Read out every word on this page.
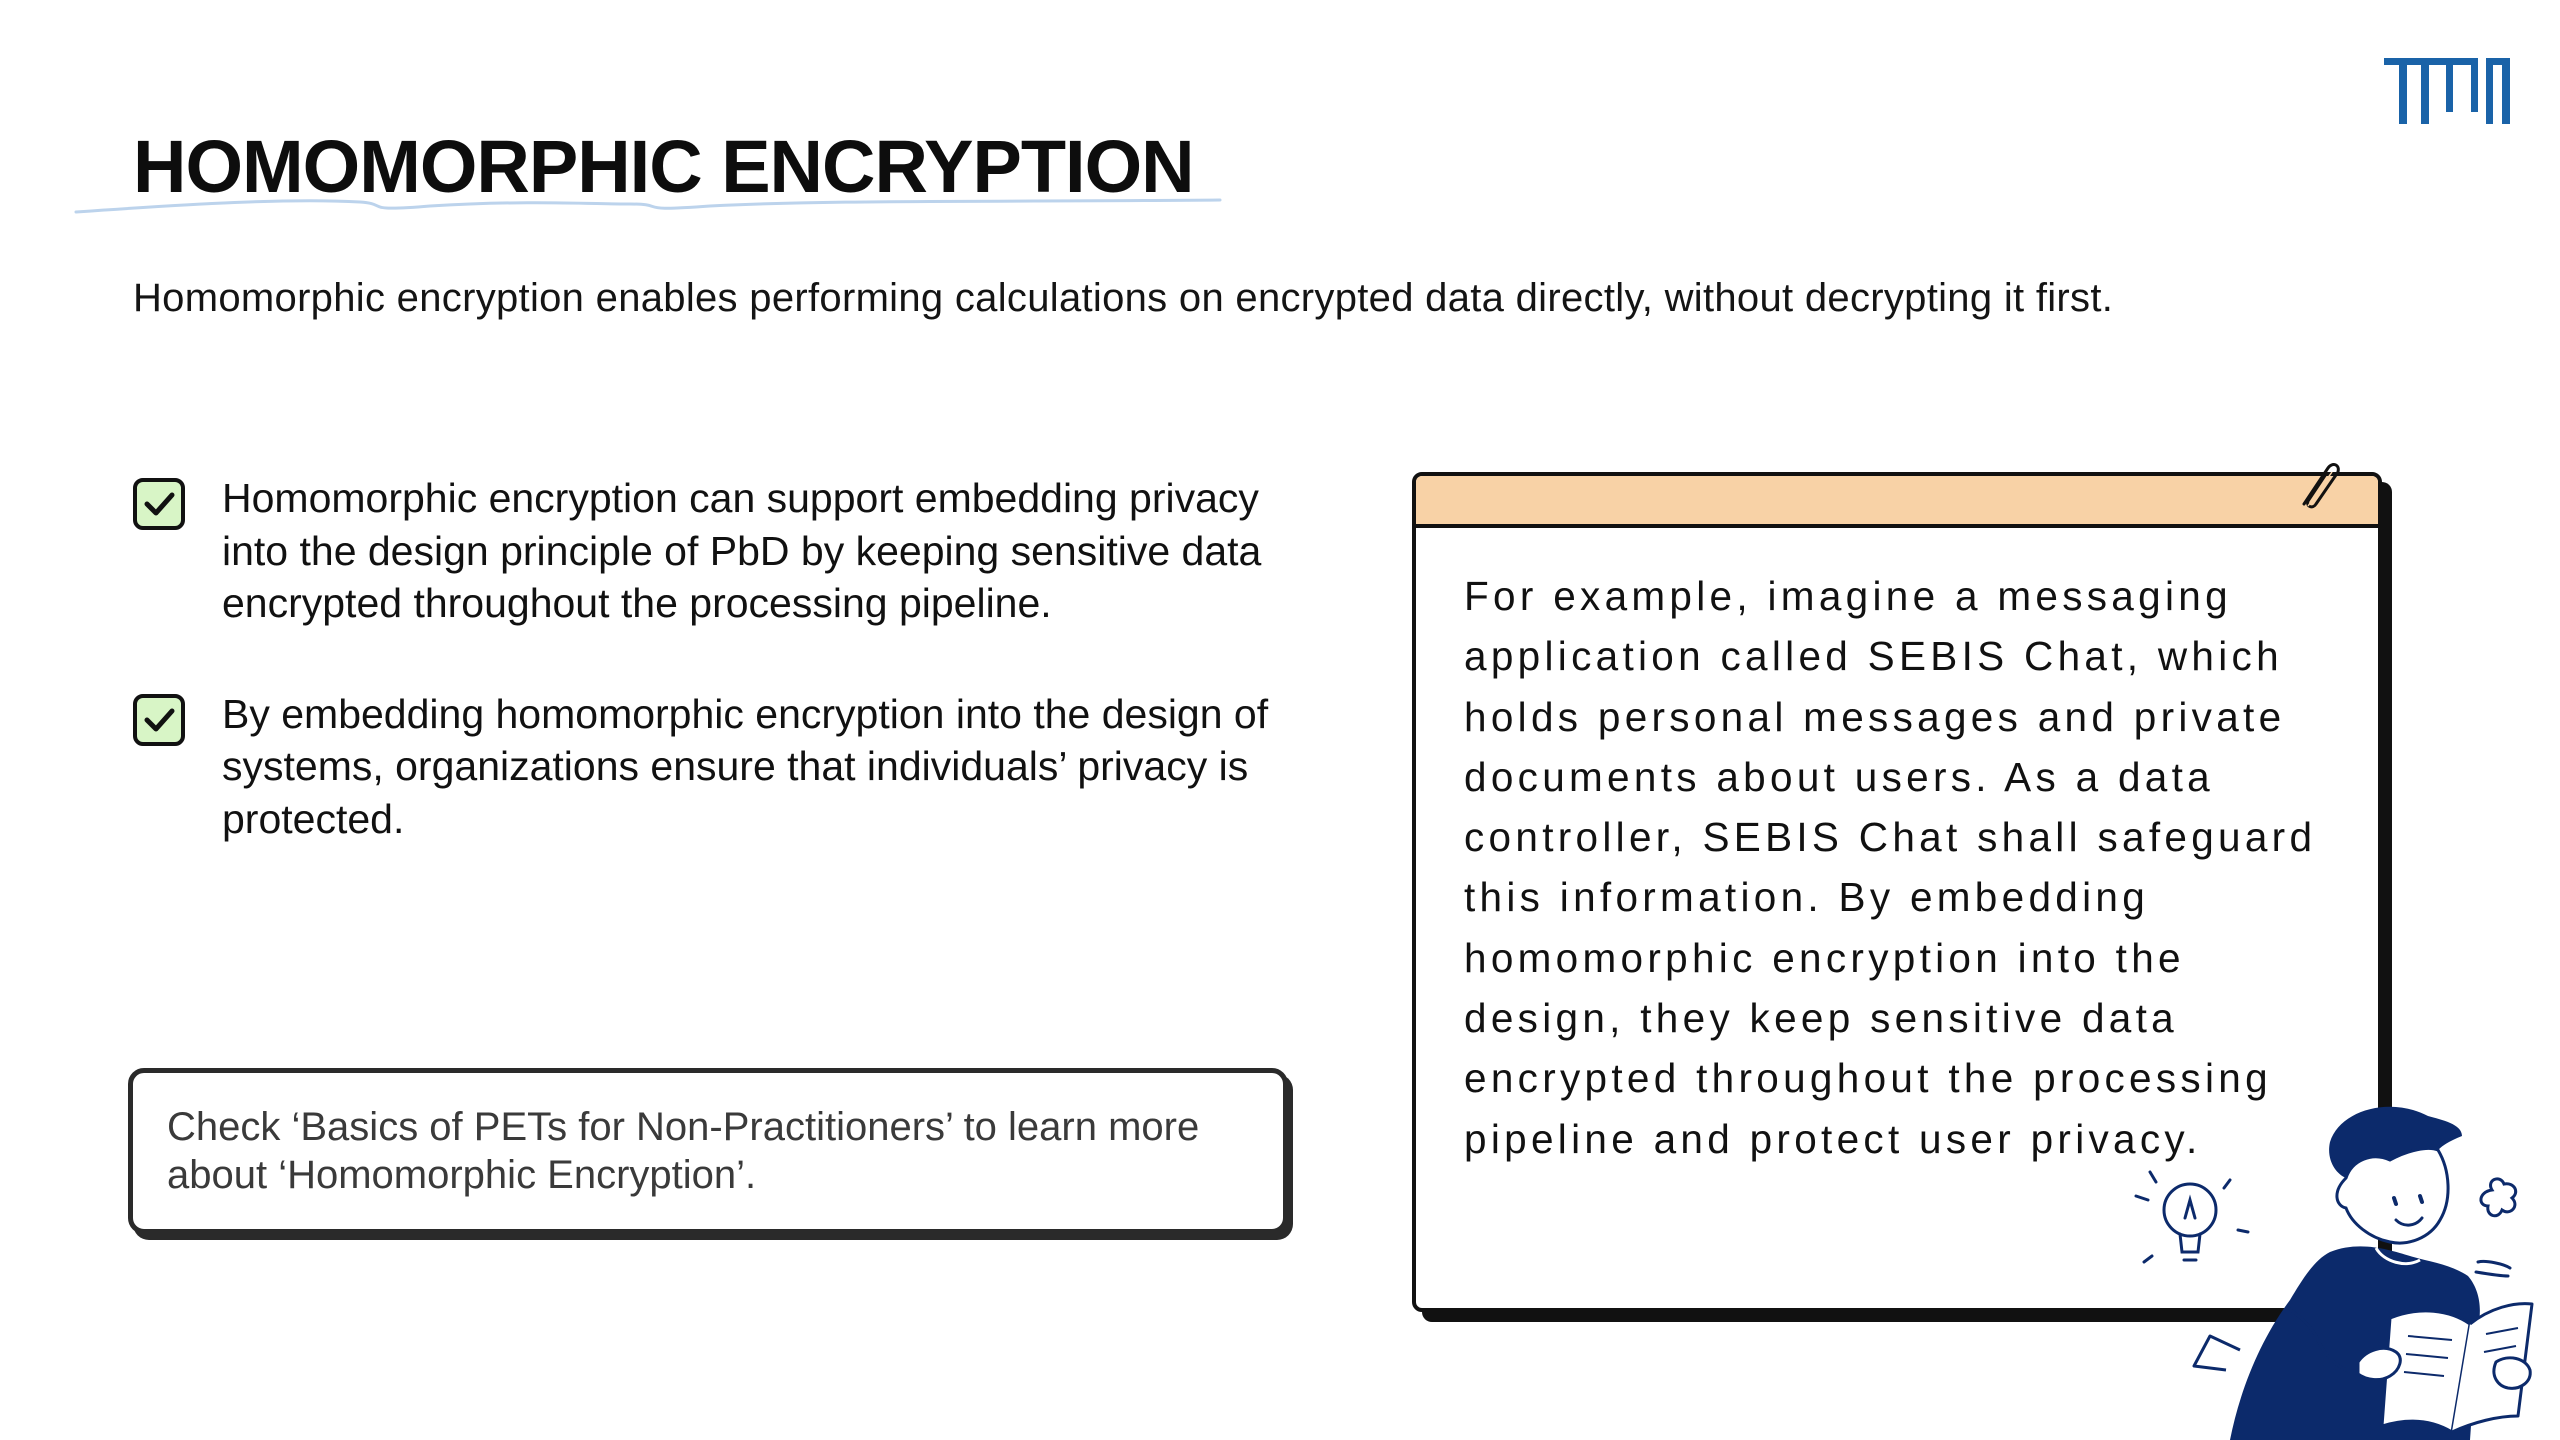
HOMOMORPHIC ENCRYPTION

Homomorphic encryption enables performing calculations on encrypted data directly, without decrypting it first.

Homomorphic encryption can support embedding privacy into the design principle of PbD by keeping sensitive data encrypted throughout the processing pipeline.
By embedding homomorphic encryption into the design of systems, organizations ensure that individuals’ privacy is protected.
Check ‘Basics of PETs for Non-Practitioners’ to learn more about ‘Homomorphic Encryption’.
For example, imagine a messaging application called SEBIS Chat, which holds personal messages and private documents about users. As a data controller, SEBIS Chat shall safeguard this information. By embedding homomorphic encryption into the design, they keep sensitive data encrypted throughout the processing pipeline and protect user privacy.
